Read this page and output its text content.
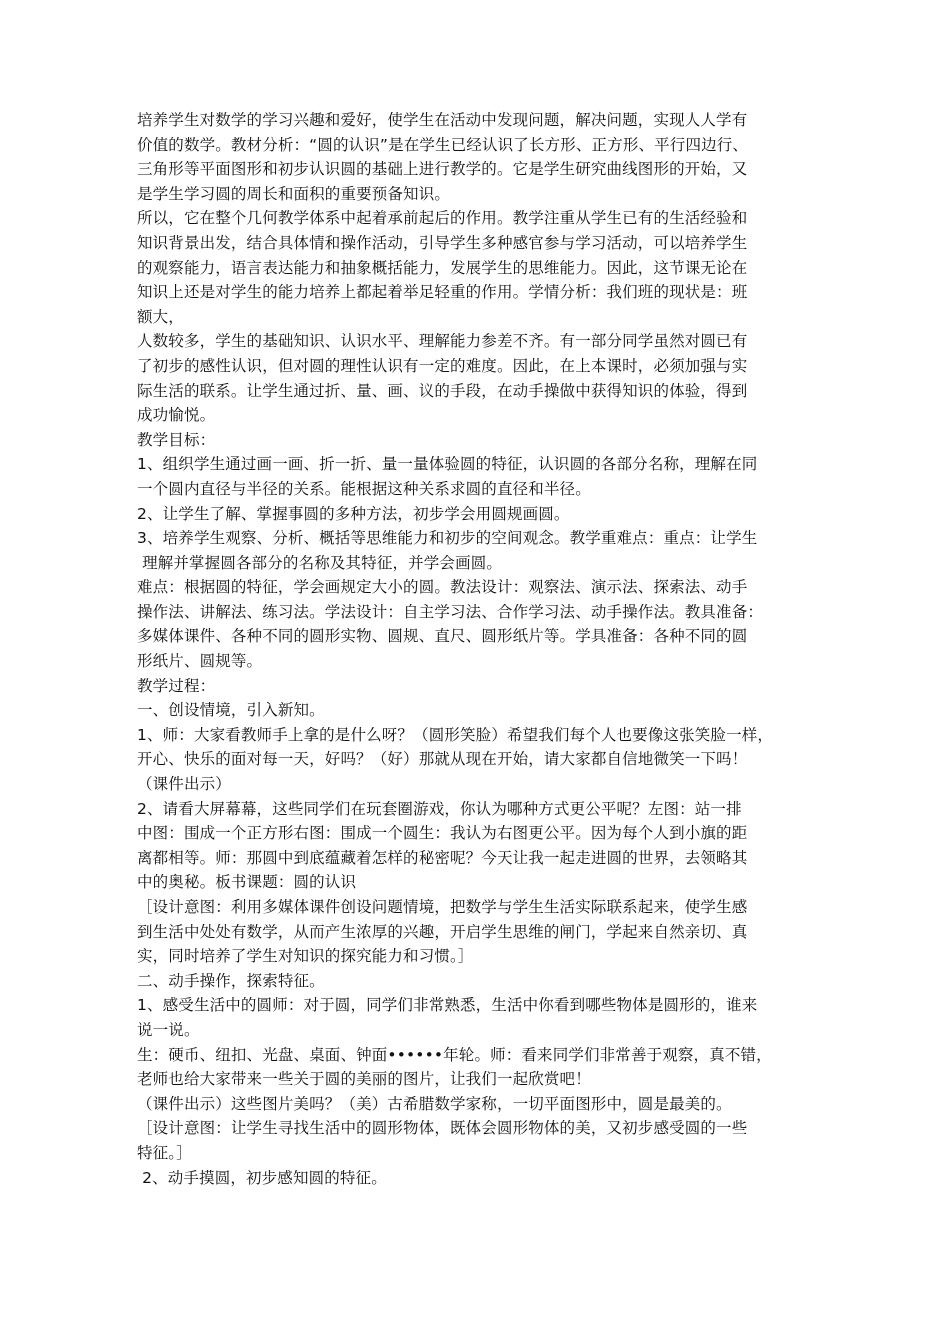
培养学生对数学的学习兴趣和爱好，使学生在活动中发现问题，解决问题，实现人人学有
价值的数学。教材分析：“圆的认识”是在学生已经认识了长方形、正方形、平行四边行、
三角形等平面图形和初步认识圆的基础上进行教学的。它是学生研究曲线图形的开始，又
是学生学习圆的周长和面积的重要预备知识。
所以，它在整个几何教学体系中起着承前起后的作用。教学注重从学生已有的生活经验和
知识背景出发，结合具体情和操作活动，引导学生多种感官参与学习活动，可以培养学生
的观察能力，语言表达能力和抽象概括能力，发展学生的思维能力。因此，这节课无论在
知识上还是对学生的能力培养上都起着举足轻重的作用。学情分析：我们班的现状是：班
额大，
人数较多，学生的基础知识、认识水平、理解能力参差不齐。有一部分同学虽然对圆已有
了初步的感性认识，但对圆的理性认识有一定的难度。因此，在上本课时，必须加强与实
际生活的联系。让学生通过折、量、画、议的手段，在动手操做中获得知识的体验，得到
成功愉悦。
教学目标：
1、组织学生通过画一画、折一折、量一量体验圆的特征，认识圆的各部分名称，理解在同
一个圆内直径与半径的关系。能根据这种关系求圆的直径和半径。
2、让学生了解、掌握事圆的多种方法，初步学会用圆规画圆。
3、培养学生观察、分析、概括等思维能力和初步的空间观念。教学重难点：重点：让学生
理解并掌握圆各部分的名称及其特征，并学会画圆。
难点：根据圆的特征，学会画规定大小的圆。教法设计：观察法、演示法、探索法、动手
操作法、讲解法、练习法。学法设计：自主学习法、合作学习法、动手操作法。教具准备：
多媒体课件、各种不同的圆形实物、圆规、直尺、圆形纸片等。学具准备：各种不同的圆
形纸片、圆规等。
教学过程：
一、创设情境，引入新知。
1、师：大家看教师手上拿的是什么呀？（圆形笑脸）希望我们每个人也要像这张笑脸一样，
开心、快乐的面对每一天，好吗？（好）那就从现在开始，请大家都自信地微笑一下吗！
（课件出示）
2、请看大屏幕幕，这些同学们在玩套圈游戏，你认为哪种方式更公平呢？左图：站一排
中图：围成一个正方形右图：围成一个圆生：我认为右图更公平。因为每个人到小旗的距
离都相等。师：那圆中到底蕴藏着怎样的秘密呢？今天让我一起走进圆的世界，去领略其
中的奥秘。板书课题：圆的认识
［设计意图：利用多媒体课件创设问题情境，把数学与学生生活实际联系起来，使学生感
到生活中处处有数学，从而产生浓厚的兴趣，开启学生思维的闸门，学起来自然亲切、真
实，同时培养了学生对知识的探究能力和习惯。］
二、动手操作，探索特征。
1、感受生活中的圆师：对于圆，同学们非常熟悉，生活中你看到哪些物体是圆形的，谁来
说一说。
生：硬币、纽扣、光盘、桌面、钟面••••••年轮。师：看来同学们非常善于观察，真不错，
老师也给大家带来一些关于圆的美丽的图片，让我们一起欣赏吧！
（课件出示）这些图片美吗？（美）古希腊数学家称，一切平面图形中，圆是最美的。
［设计意图：让学生寻找生活中的圆形物体，既体会圆形物体的美，又初步感受圆的一些
特征。］
2、动手摸圆，初步感知圆的特征。
